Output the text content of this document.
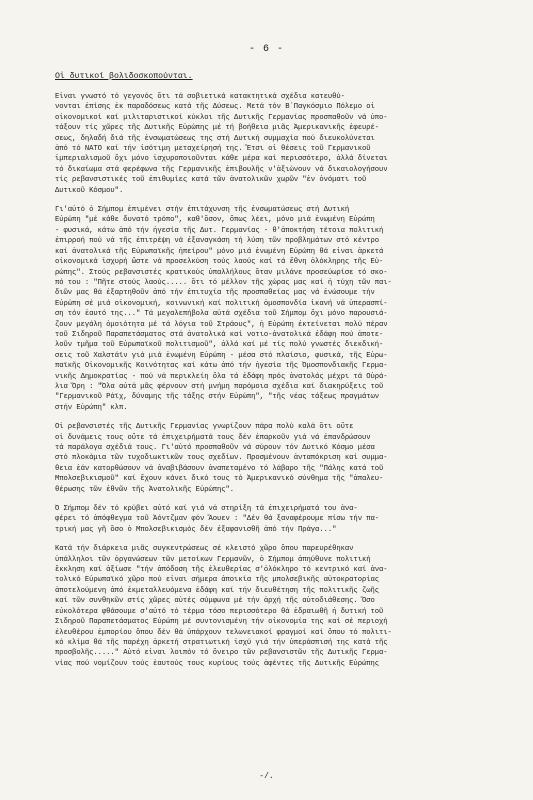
- 6 -
Οἱ δυτικοί βολιδοσκοπούνται.
Εἶναι γνωστό τό γεγονός ὅτι τά σοβιετικά κατακτητικά σχέδια κατευθύ-
νονται ἐπίσης ἐκ παραδόσεως κατά τῆς Δύσεως. Μετά τόν Β΄Παγκόσμιο Πόλεμο οἱ
οἰκονομικοί καί μιλιταριστικοί κύκλοι τῆς Δυτικῆς Γερμανίας προσπαθοῦν νά ὑπο-
τάξουν τίς χῶρες τῆς Δυτικῆς Εὐρώπης μέ τή βοήθεια μιᾶς Ἀμερικανικῆς ἐφευρέ-
σεως, δηλαδή διά τῆς ἐνσωματώσεως της στή Δυτική συμμαχία πού διευκολύνεται
ἀπό τό ΝΑΤΟ καί τήν ἰσότιμη μεταχείρησή της. Ἔτσι οἱ θέσεις τοῦ Γερμανικοῦ
ἰμπεριαλισμοῦ ὄχι μόνο ἰσχυροποιοῦνται κάθε μέρα καί περισσότερο, ἀλλά δίνεται
τό δικαίωμα στά φερέφωνα τῆς Γερμανικῆς ἐπιβουλῆς ν'ἀξιώνουν νά δικαιολογήσουν
τίς ρεβανσιστικές τοῦ ἐπιθυμίες κατά τῶν ἀνατολικῶν χωρῶν "ἐν ὀνόματι τοῦ
Δυτικοῦ Κόσμου".
Γι'αὐτό ὁ Σήμπομ ἐπιμένει στήν ἐπιτάχυνση τῆς ἐνσωματώσεως στή Δυτική
Εὐρώπη "μέ κάθε δυνατό τρόπο", καθ'ὅσον, ὅπως λέει, μόνο μιά ἑνωμένη Εὐρώπη
- φυσικά, κάτω ἀπό τήν ἡγεσία τῆς Δυτ. Γερμανίας - θ'ἀποκτήση τέτοια πολιτική
ἐπιρροή πού νά τῆς ἐπιτρέψη νά ἐξαναγκάση τή λύση τῶν προβλημάτων στό κέντρο
καί ἀνατολικά τῆς Εὐρωπαϊκῆς ἠπείρου" μόνο μιά ἑνωμένη Εὐρώπη θά εἶναι ἀρκετά
οἰκονομικά ἰσχυρή ὥστε νά προσελκύση τούς λαούς καί τά ἔθνη ὁλόκληρης τῆς Εὐ-
ρώπης". Στούς ρεβανσιστές κρατικούς ὑπαλλήλους ὅταν μιλάνε προσεύωρίσε τό σκο-
πό του : "Πῆτε στούς λαούς..... ὅτι τό μέλλον τῆς χώρας μας καί ἡ τύχη τῶν παι-
διῶν μας θά ἐξαρτηθοῦν ἀπό τήν ἐπιτυχία τῆς προσπαθείας μας νά ἐνώσουμε τήν
Εὐρώπη σέ μιά οἰκονομική, κοινωνική καί πολιτική ὁμοσπονδία ἱκανή νά ὑπερασπί-
ση τόν ἑαυτό της..." Τά μεγαλεπήβολα αὐτά σχέδια τοῦ Σήμπομ ὄχι μόνο παρουσιά-
ζουν μεγάλη ὁμοιότητα μέ τά λόγια τοῦ Στράους", ἡ Εὐρώπη ἐκτείνεται πολύ πέραν
τοῦ Σιδηροῦ Παραπετάσματος στά ἀνατολικά καί νοτιο-ἀνατολικά ἐδάφη πού ἀποτε-
λοῦν τμῆμα τοῦ Εὐρωπαϊκοῦ πολιτισμοῦ", ἀλλά καί μέ τίς πολύ γνωστές διεκδική-
σεις τοῦ Χαλστάϊν γιά μιά ἑνωμένη Εὐρώπη - μέσα στό πλαίσιο, φυσικά, τῆς Εὐρω-
παϊκῆς Οἰκονομικῆς Κοινότητας καί κάτω ἀπό τήν ἡγεσία τῆς Ὁμοσπονδιακῆς Γερμα-
νικῆς Δημοκρατίας - πού νά περικλείη ὅλα τά ἐδάφη πρός ἀνατολάς μέχρι τά Οὐρά-
λια Ὄρη : "Ὅλα αὐτά μᾶς φέρνουν στή μνήμη παρόμοια σχέδια καί διακηρύξεις τοῦ
"Γερμανικοῦ Ράϊχ, δύναμης τῆς τάξης στήν Εὐρώπη", "τῆς νέας τάξεως πραγμάτων
στήν Εὐρώπη" κλπ.
Οἱ ρεβανσιστές τῆς Δυτικῆς Γερμανίας γνωρίζουν πάρα πολύ καλά ὅτι οὔτε
οἱ δυνάμεις τους οὔτε τά ἐπιχειρήματά τους δέν ἐπαρκοῦν γιά νά ἐπανδρώσουν
τά παράλογα σχέδιά τους. Γι'αὐτό προσπαθοῦν νά σύρουν τόν Δυτικό Κόσμο μέσα
στό πλοκάμια τῶν τυχοδιωκτικῶν τους σχεδίων. Προσμένουν ἀνταπόκριση καί συμμα-
θεια ἐάν κατορθώσουν νά ἀναβιβάσουν ἀναπεταμένο τό λάβαρο τῆς "Πάλης κατά τοῦ
Μπολσεβικισμοῦ" καί ἔχουν κάνει δικό τους τό Ἀμερικανικό σύνθημα τῆς "ἀπαλευ-
θέρωσης τῶν ἐθνῶν τῆς Ἀνατολικῆς Εὐρώπης".
Ὁ Σήμπομ δέν τό κρύβει αὐτό καί γιά νά στηρίξη τά ἐπιχειρήματά του ἀνα-
φέρει τό ἀπόφθεγμα τοῦ Ἀόντζμαν φόν Ἄουεν : "Δέν θά ξαναφέρουμε πίσω τήν πα-
τρική μας γῆ ὅσο ὁ Μπολσεβικισμός δέν ἐξαφανισθῆ ἀπό τήν Πράγα..."
Κατά τήν διάρκεια μιᾶς συγκεντρώσεως σέ κλειστό χῶρο ὅπου παρευρέθηκαν
ὑπάλληλοι τῶν ὀργανώσεων τῶν μετοίκων Γερμανῶν, ὁ Σήμπομ ἀπηύθυνε πολιτική
ἔκκληση καί ἀξίωσε "τήν ἀπόδοση τῆς ἐλευθερίας σ'ὁλόκληρο τό κεντρικό καί ἀνα-
τολικό Εὐρωπαϊκό χῶρο πού εἶναι σήμερα ἀποικία τῆς μπολσεβικῆς αὐτοκρατορίας
ἀποτελούμενη ἀπό ἐκμεταλλευόμενα ἐδάφη καί τήν διευθέτηση τῆς πολιτικῆς ζωῆς
καί τῶν συνθηκῶν στίς χῶρες αὐτές σύμφωνα μέ τήν ἀρχή τῆς αὐτοδιάθεσης. Ὅσο
εὐκολότερα φθάσουμε σ'αὐτό τό τέρμα τόσο περισσότερο θά ἑδραιωθῆ ἡ δυτική τοῦ
Σιδηροῦ Παραπετάσματος Εὐρώπη μέ συντονισμένη τήν οἰκονομία της καί σέ περιοχή
ἐλευθέρου ἐμπορίου ὅπου δέν θά ὑπάρχουν τελωνειακοί φραγμοί καί ὅπου τό πολιτι-
κό κλίμα θά τῆς παρέχη ἀρκετή στρατιωτική ἰσχύ γιά τήν ὑπεράσπισή της κατά τῆς
προσβολῆς....." Αὐτό εἶναι λοιπόν τό ὄνειρο τῶν ρεβανσιστῶν τῆς Δυτικῆς Γερμα-
νίας πού νομίζουν τούς ἑαυτούς τους κυρίους τούς ἀφέντες τῆς Δυτικῆς Εὐρώπης
-/.
